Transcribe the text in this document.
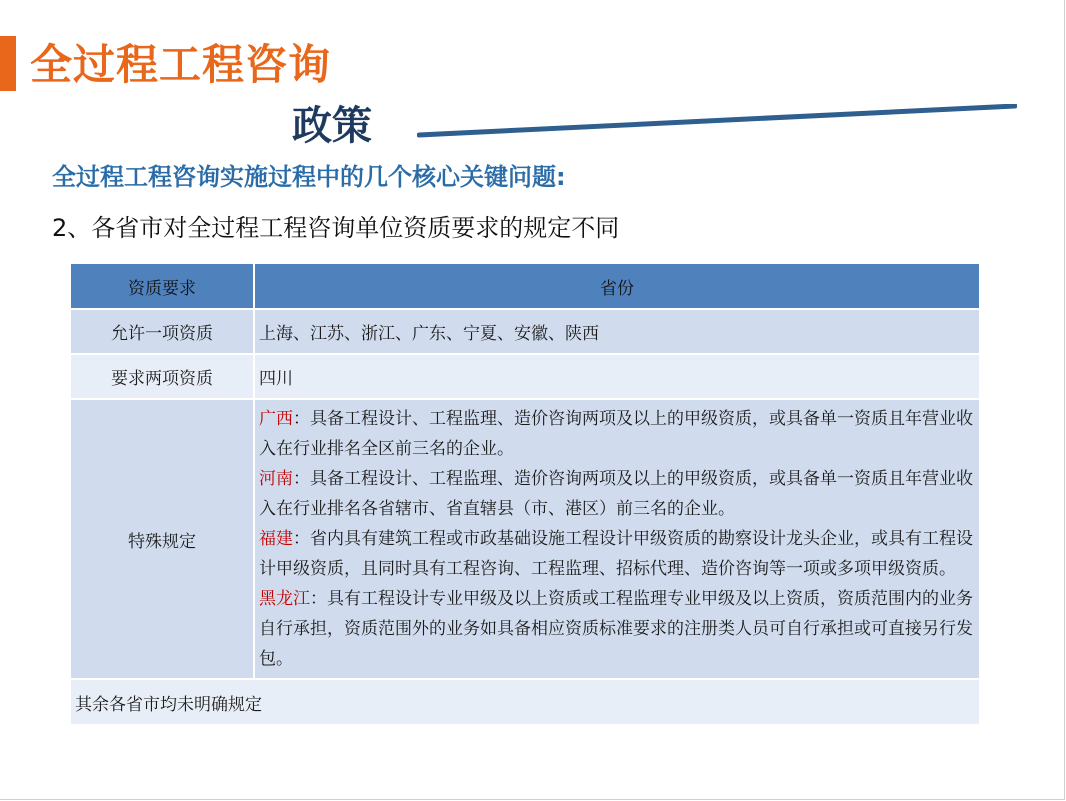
全过程工程咨询
政策
全过程工程咨询实施过程中的几个核心关键问题:

2、各省市对全过程工程咨询单位资质要求的规定不同

资质要求	省份
允许一项资质	上海、江苏、浙江、广东、宁夏、安徽、陕西
要求两项资质	四川
特殊规定	广西：具备工程设计、工程监理、造价咨询两项及以上的甲级资质，或具备单一资质且年营业收入在行业排名全区前三名的企业。
河南：具备工程设计、工程监理、造价咨询两项及以上的甲级资质，或具备单一资质且年营业收入在行业排名各省辖市、省直辖县（市、港区）前三名的企业。
福建：省内具有建筑工程或市政基础设施工程设计甲级资质的勘察设计龙头企业，或具有工程设计甲级资质，且同时具有工程咨询、工程监理、招标代理、造价咨询等一项或多项甲级资质。
黑龙江：具有工程设计专业甲级及以上资质或工程监理专业甲级及以上资质，资质范围内的业务自行承担，资质范围外的业务如具备相应资质标准要求的注册类人员可自行承担或可直接另行发包。

其余各省市均未明确规定	
